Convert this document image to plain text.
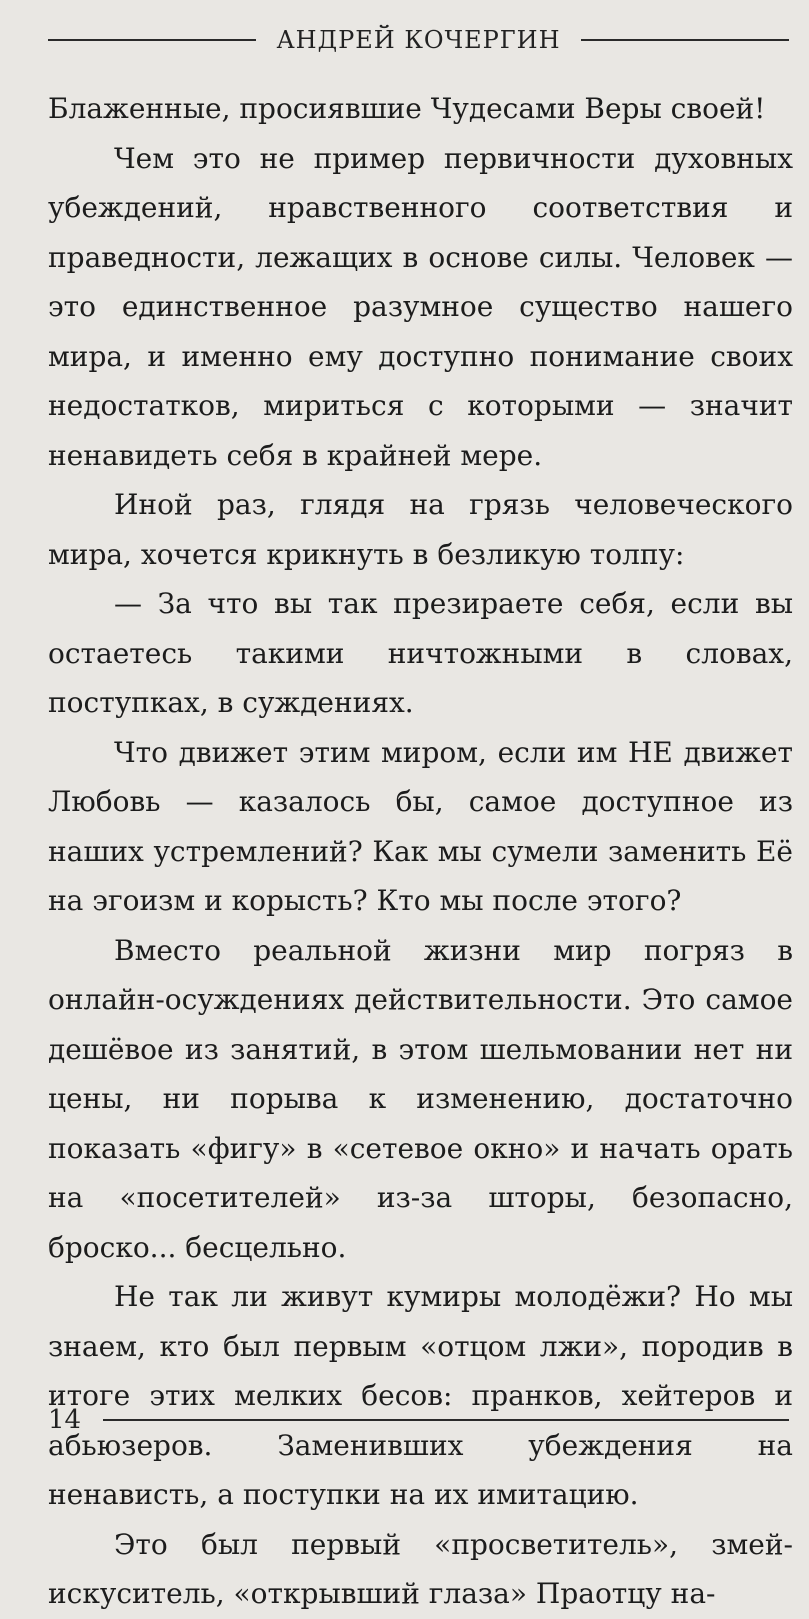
АНДРЕЙ КОЧЕРГИН

Блаженные, просиявшие Чудесами Веры своей!

Чем это не пример первичности духовных убеждений, нравственного соответствия и праведности, лежащих в основе силы. Человек — это единственное разумное существо нашего мира, и именно ему доступно понимание своих недостатков, мириться с которыми — значит ненавидеть себя в крайней мере.

Иной раз, глядя на грязь человеческого мира, хочется крикнуть в безликую толпу:

— За что вы так презираете себя, если вы остаетесь такими ничтожными в словах, поступках, в суждениях.

Что движет этим миром, если им НЕ движет Любовь — казалось бы, самое доступное из наших устремлений? Как мы сумели заменить Её на эгоизм и корысть? Кто мы после этого?

Вместо реальной жизни мир погряз в онлайн-осуждениях действительности. Это самое дешёвое из занятий, в этом шельмовании нет ни цены, ни порыва к изменению, достаточно показать «фигу» в «сетевое окно» и начать орать на «посетителей» из-за шторы, безопасно, броско... бесцельно.

Не так ли живут кумиры молодёжи? Но мы знаем, кто был первым «отцом лжи», породив в итоге этих мелких бесов: пранков, хейтеров и абьюзеров. Заменивших убеждения на ненависть, а поступки на их имитацию.

Это был первый «просветитель», змей-искуситель, «открывший глаза» Праотцу на-

14
